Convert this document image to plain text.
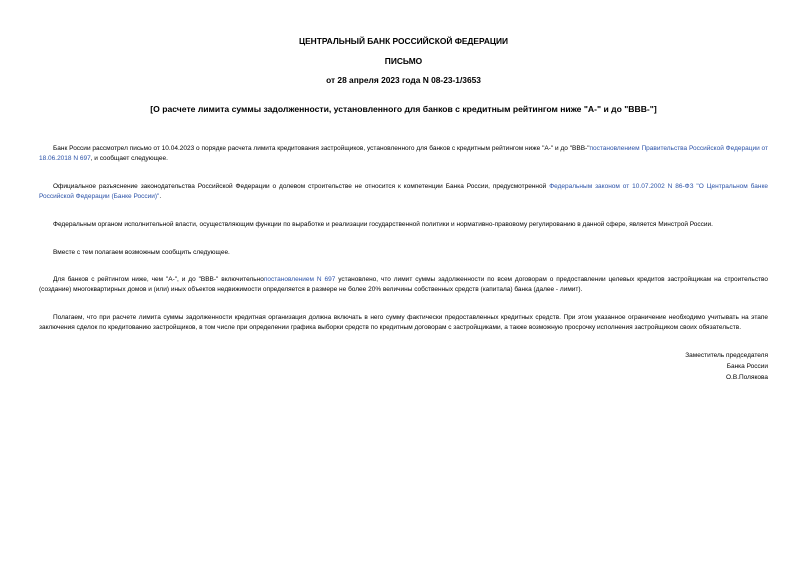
ЦЕНТРАЛЬНЫЙ БАНК РОССИЙСКОЙ ФЕДЕРАЦИИ
ПИСЬМО
от 28 апреля 2023 года N 08-23-1/3653
[О расчете лимита суммы задолженности, установленного для банков с кредитным рейтингом ниже "А-" и до "ВВВ-"]

Банк России рассмотрел письмо от 10.04.2023 о порядке расчета лимита кредитования застройщиков, установленного для банков с кредитным рейтингом ниже "А-" и до "ВВВ-"постановлением Правительства Российской Федерации от 18.06.2018 N 697, и сообщает следующее.

Официальное разъяснение законодательства Российской Федерации о долевом строительстве не относится к компетенции Банка России, предусмотренной Федеральным законом от 10.07.2002 N 86-ФЗ "О Центральном банке Российской Федерации (Банке России)".

Федеральным органом исполнительной власти, осуществляющим функции по выработке и реализации государственной политики и нормативно-правовому регулированию в данной сфере, является Минстрой России.

Вместе с тем полагаем возможным сообщить следующее.

Для банков с рейтингом ниже, чем "А-", и до "ВВВ-" включительнопостановлением N 697 установлено, что лимит суммы задолженности по всем договорам о предоставлении целевых кредитов застройщикам на строительство (создание) многоквартирных домов и (или) иных объектов недвижимости определяется в размере не более 20% величины собственных средств (капитала) банка (далее - лимит).

Полагаем, что при расчете лимита суммы задолженности кредитная организация должна включать в него сумму фактически предоставленных кредитных средств. При этом указанное ограничение необходимо учитывать на этапе заключения сделок по кредитованию застройщиков, в том числе при определении графика выборки средств по кредитным договорам с застройщиками, а также возможную просрочку исполнения застройщиком своих обязательств.

Заместитель председателя
Банка России
О.В.Полякова
